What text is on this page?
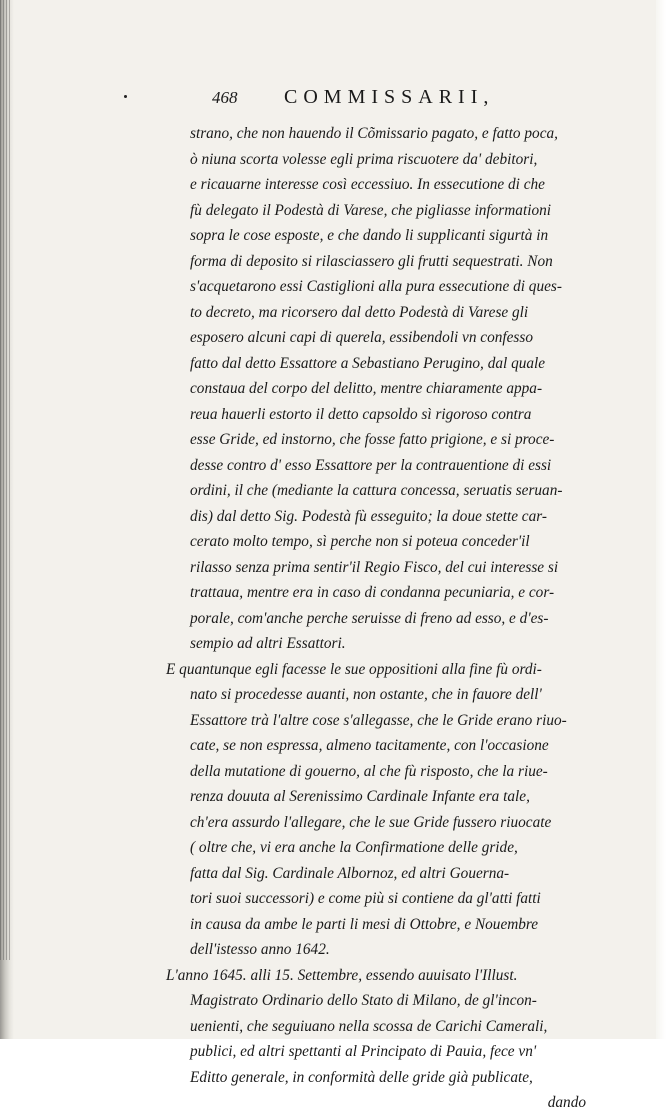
468 COMMISSARII,
strano, che non hauendo il Cõmissario pagato, e fatto poca,
ò niuna scorta volesse egli prima riscuotere da' debitori,
e ricauarne interesse così eccessiuo. In essecutione di che
fù delegato il Podestà di Varese, che pigliasse informationi
sopra le cose esposte, e che dando li supplicanti sigurtà in
forma di deposito si rilasciassero gli frutti sequestrati. Non
s'acquetarono essi Castiglioni alla pura essecutione di ques-
to decreto, ma ricorsero dal detto Podestà di Varese gli
esposero alcuni capi di querela, essibendoli vn confesso
fatto dal detto Essattore a Sebastiano Perugino, dal quale
constaua del corpo del delitto, mentre chiaramente appa-
reua hauerli estorto il detto capsoldo sì rigoroso contra
esse Gride, ed instorno, che fosse fatto prigione, e si proce-
desse contro d' esso Essattore per la contrauentione di essi
ordini, il che (mediante la cattura concessa, seruatis seruan-
dis) dal detto Sig. Podestà fù esseguito; la doue stette car-
cerato molto tempo, sì perche non si poteua conceder'il
rilasso senza prima sentir'il Regio Fisco, del cui interesse si
trattaua, mentre era in caso di condanna pecuniaria, e cor-
porale, com'anche perche seruisse di freno ad esso, e d'es-
sempio ad altri Essattori.
E quantunque egli facesse le sue oppositioni alla fine fù ordi-
nato si procedesse auanti, non ostante, che in fauore dell'
Essattore trà l'altre cose s'allegasse, che le Gride erano riuo-
cate, se non espressa, almeno tacitamente, con l'occasione
della mutatione di gouerno, al che fù risposto, che la riue-
renza douuta al Serenissimo Cardinale Infante era tale,
ch'era assurdo l'allegare, che le sue Gride fussero riuocate
( oltre che, vi era anche la Confirmatione delle gride,
fatta dal Sig. Cardinale Albornoz, ed altri Gouerna-
tori suoi successori) e come più si contiene da gl'atti fatti
in causa da ambe le parti li mesi di Ottobre, e Nouembre
dell'istesso anno 1642.
L'anno 1645. alli 15. Settembre, essendo auuisato l'Illust.
Magistrato Ordinario dello Stato di Milano, de gl'incon-
uenienti, che seguiuano nella scossa de Carichi Camerali,
publici, ed altri spettanti al Principato di Pauia, fece vn'
Editto generale, in conformità delle gride già publicate,
dando
